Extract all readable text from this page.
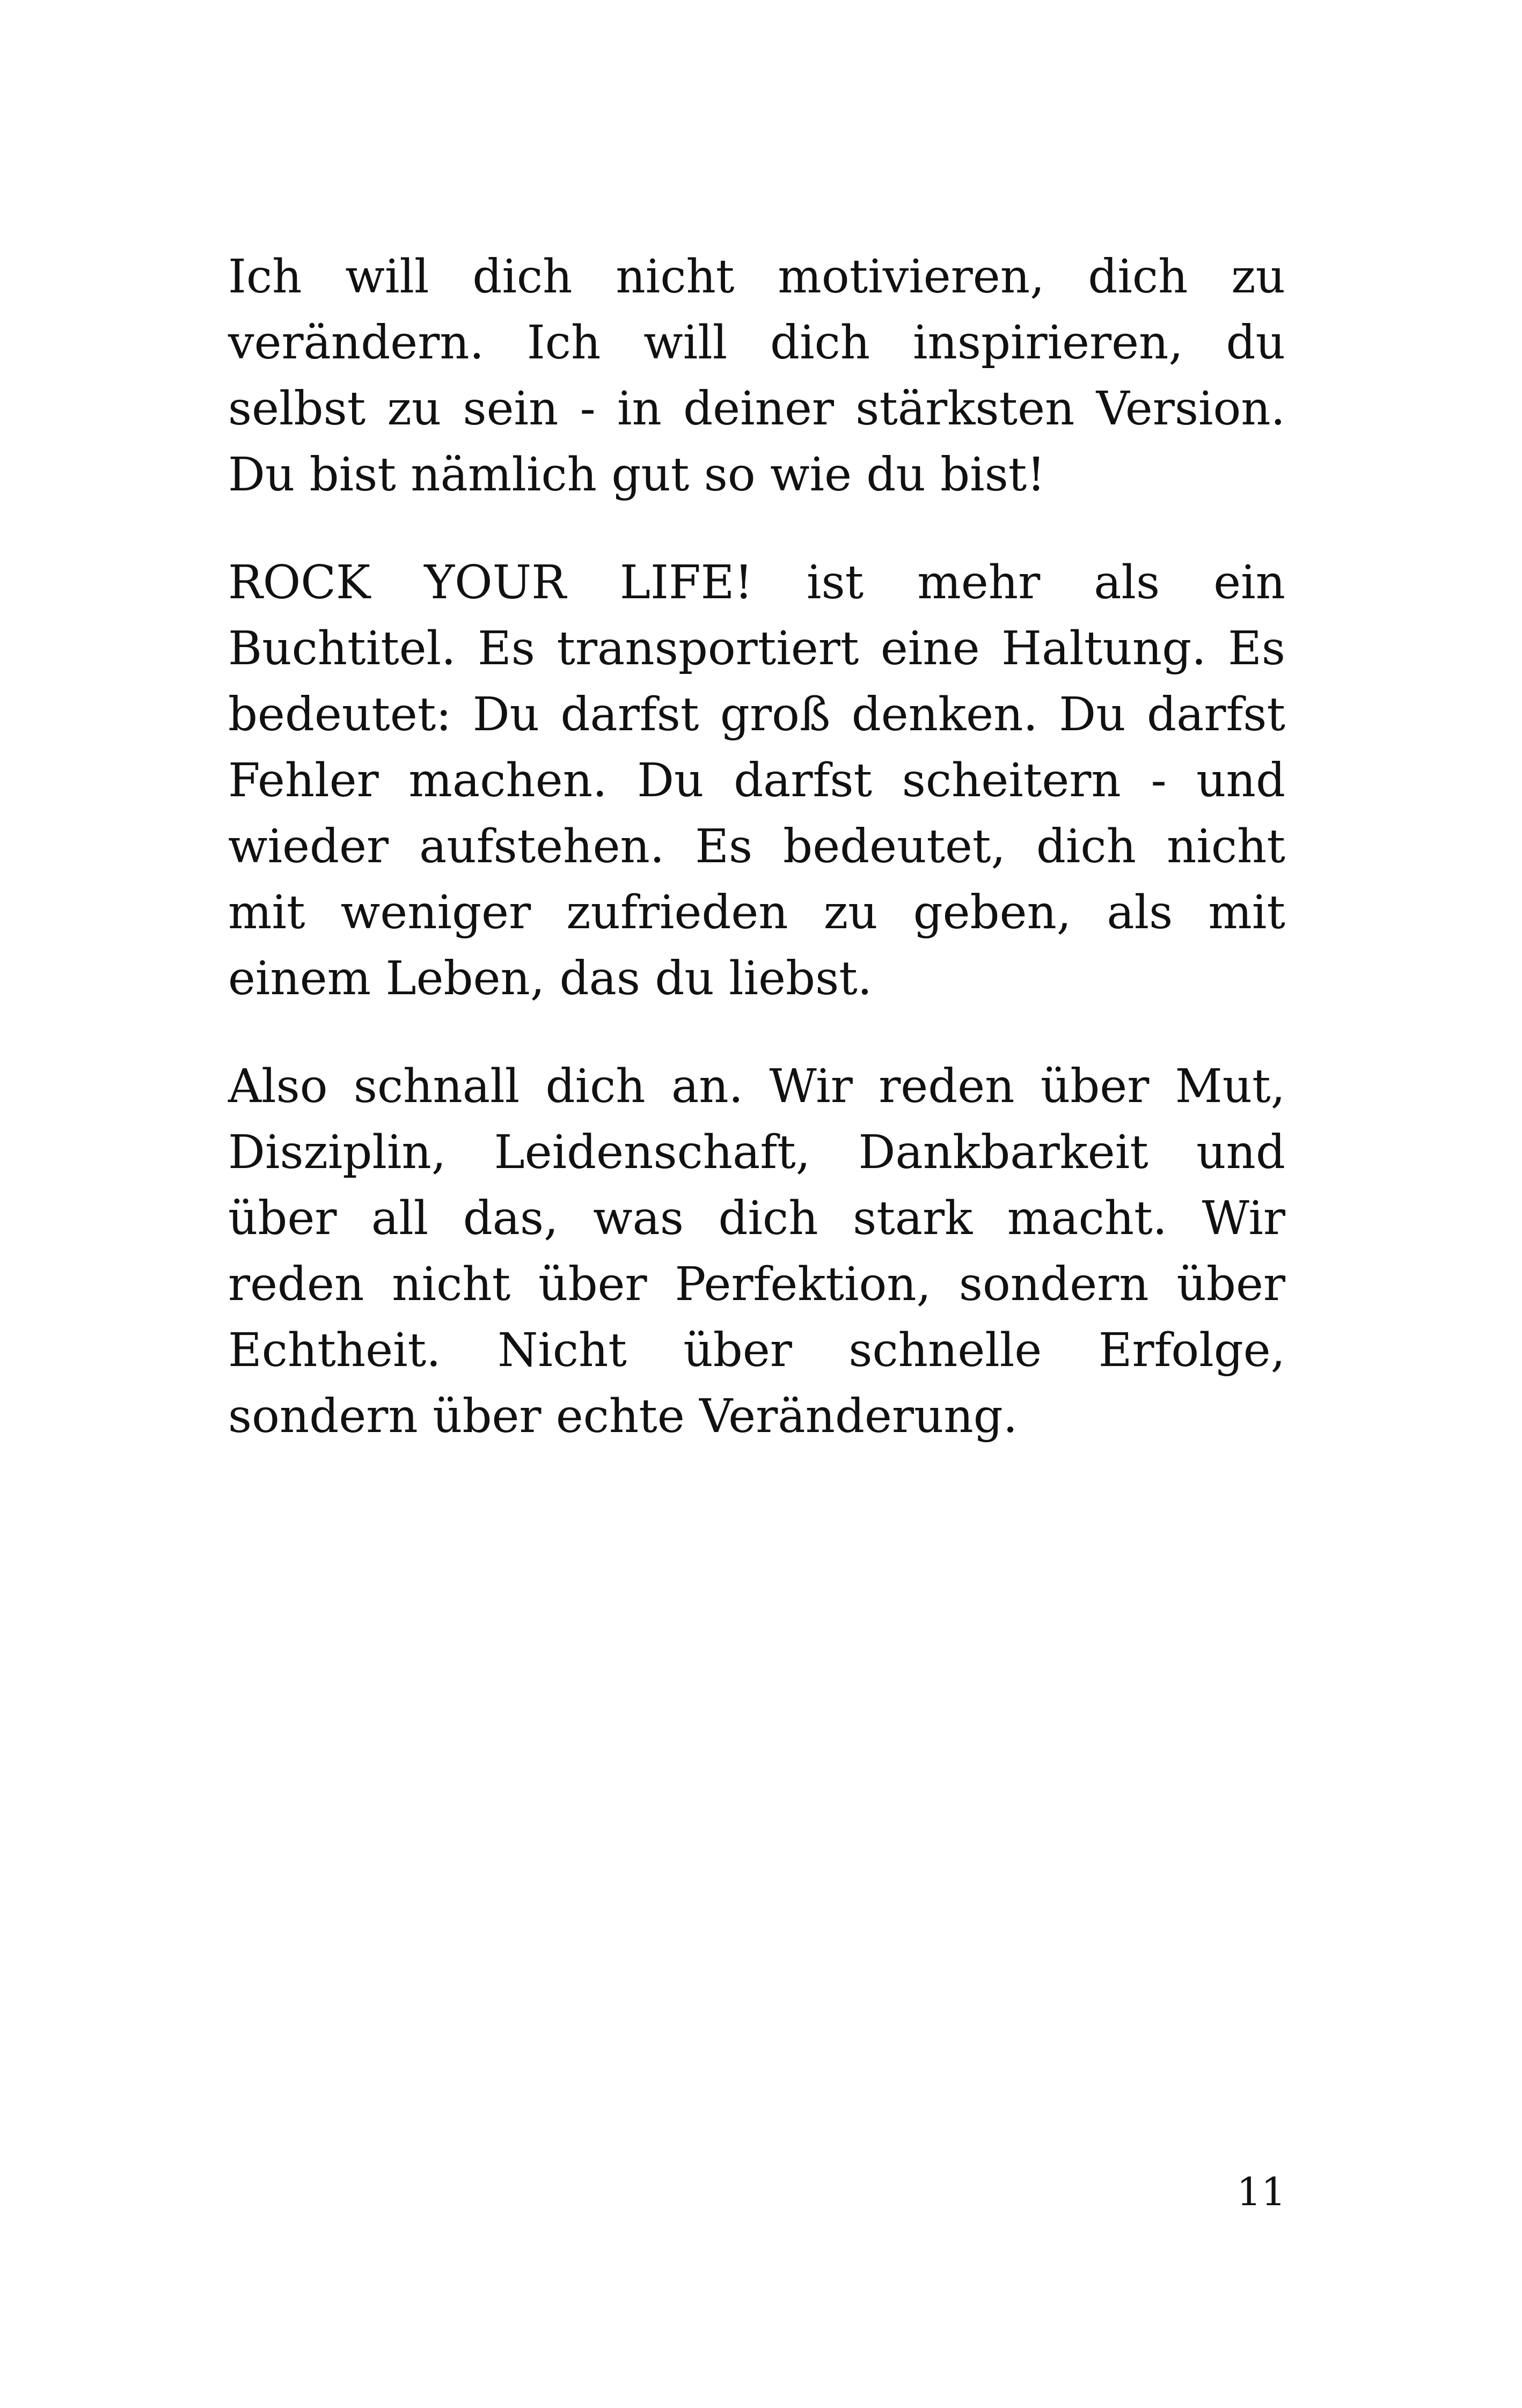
Ich will dich nicht motivieren, dich zu verändern. Ich will dich inspirieren, du selbst zu sein - in deiner stärksten Version. Du bist nämlich gut so wie du bist!

ROCK YOUR LIFE! ist mehr als ein Buchtitel. Es transportiert eine Haltung. Es bedeutet: Du darfst groß denken. Du darfst Fehler machen. Du darfst scheitern - und wieder aufstehen. Es bedeutet, dich nicht mit weniger zufrieden zu geben, als mit einem Leben, das du liebst.

Also schnall dich an. Wir reden über Mut, Disziplin, Leidenschaft, Dankbarkeit und über all das, was dich stark macht. Wir reden nicht über Perfektion, sondern über Echtheit. Nicht über schnelle Erfolge, sondern über echte Veränderung.

11
